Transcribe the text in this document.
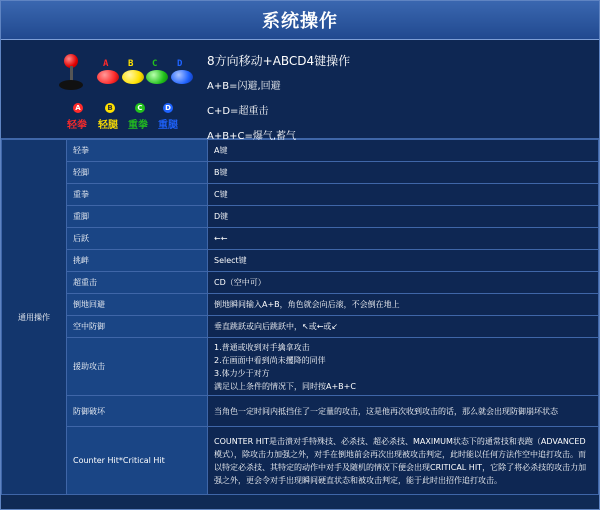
系统操作
A B C D
A	B	C	D
轻拳 轻腿 重拳 重腿
8方向移动+ABCD4键操作
A+B=闪避,回避
C+D=超重击
A+B+C=爆气,蓄气
通用操作	轻拳	A键
	轻脚	B键
	重拳	C键
	重脚	D键
	后跃	←←
	挑衅	Select键
	超重击	CD（空中可）
	倒地回避	倒地瞬间输入A+B，角色就会向后滚，不会倒在地上
	空中防御	垂直跳跃或向后跳跃中，↖或←或↙
	援助攻击	1.普通或收到对手擒拿攻击
2.在画面中看到尚未攫降的同伴
3.体力少于对方
满足以上条件的情况下，同时按A+B+C

	防御破坏	当角色一定时间内抵挡住了一定量的攻击，这是他再次收到攻击的话，那么就会出现防御崩坏状态
	Counter Hit*Critical Hit	COUNTER HIT是击溃对手特殊技、必杀技、超必杀技、MAXIMUM状态下的通常技和表跑（ADVANCED模式），除攻击力加强之外，对手在倒地前会再次出现被攻击判定，此时能以任何方法作空中追打攻击。而以特定必杀技、其特定的动作中对手及随机的情况下便会出现CRITICAL HIT，它除了将必杀技的攻击力加强之外，更会令对手出现瞬间硬直状态和被攻击判定，能于此时出招作追打攻击。
